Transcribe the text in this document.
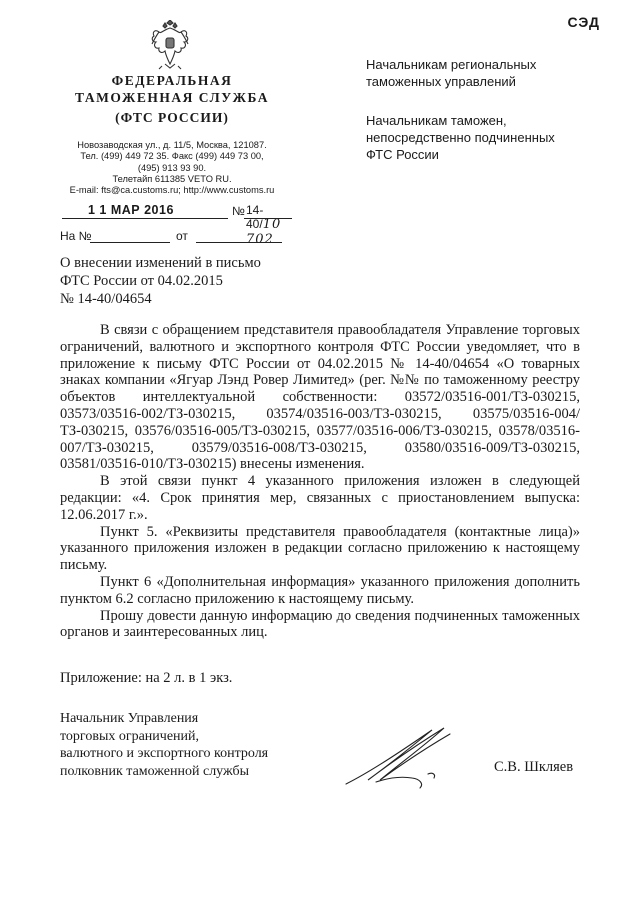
СЭД
ФЕДЕРАЛЬНАЯ
ТАМОЖЕННАЯ СЛУЖБА
(ФТС РОССИИ)
Новозаводская ул., д. 11/5, Москва, 121087.
Тел. (499) 449 72 35. Факс (499) 449 73 00,
(495) 913 93 90.
Телетайп 611385 VETO RU.
E-mail: fts@ca.customs.ru; http://www.customs.ru
1 1 МАР 2016	№ 14-40/10 702
На №	от
Начальникам региональных
таможенных управлений
Начальникам таможен,
непосредственно подчиненных
ФТС России
О внесении изменений в письмо
ФТС России от 04.02.2015
№ 14-40/04654

В связи с обращением представителя правообладателя Управление торговых ограничений, валютного и экспортного контроля ФТС России уведомляет, что в приложение к письму ФТС России от 04.02.2015 № 14-40/04654 «О товарных знаках компании «Ягуар Лэнд Ровер Лимитед» (рег. №№ по таможенному реестру объектов интеллектуальной собственности: 03572/03516-001/ТЗ-030215, 03573/03516-002/ТЗ-030215, 03574/03516-003/ТЗ-030215, 03575/03516-004/ТЗ-030215, 03576/03516-005/ТЗ-030215, 03577/03516-006/ТЗ-030215, 03578/03516-007/ТЗ-030215, 03579/03516-008/ТЗ-030215, 03580/03516-009/ТЗ-030215, 03581/03516-010/ТЗ-030215) внесены изменения.

В этой связи пункт 4 указанного приложения изложен в следующей редакции: «4. Срок принятия мер, связанных с приостановлением выпуска: 12.06.2017 г.».

Пункт 5. «Реквизиты представителя правообладателя (контактные лица)» указанного приложения изложен в редакции согласно приложению к настоящему письму.

Пункт 6 «Дополнительная информация» указанного приложения дополнить пунктом 6.2 согласно приложению к настоящему письму.

Прошу довести данную информацию до сведения подчиненных таможенных органов и заинтересованных лиц.

Приложение: на 2 л. в 1 экз.
Начальник Управления
торговых ограничений,
валютного и экспортного контроля
полковник таможенной службы	С.В. Шкляев
